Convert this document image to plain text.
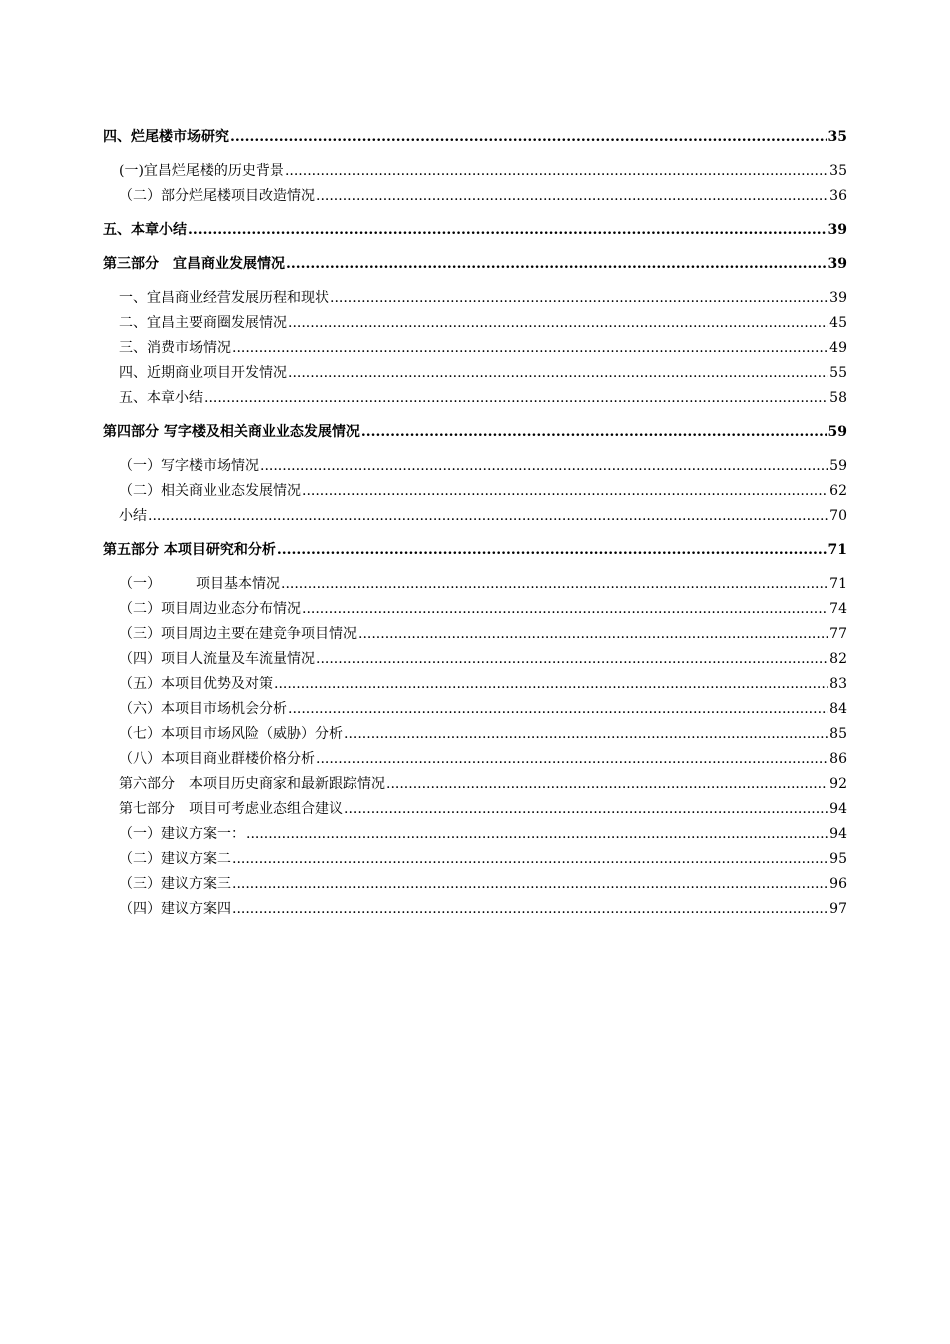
四、烂尾楼市场研究 .....	35
(一)宜昌烂尾楼的历史背景 .....	35
（二）部分烂尾楼项目改造情况 .....	36
五、本章小结 .....	39
第三部分　宜昌商业发展情况 .....	39
一、宜昌商业经营发展历程和现状 .....	39
二、宜昌主要商圈发展情况 .....	45
三、消费市场情况 .....	49
四、近期商业项目开发情况 .....	55
五、本章小结 .....	58
第四部分 写字楼及相关商业业态发展情况 .....	59
（一）写字楼市场情况 .....	59
（二）相关商业业态发展情况 .....	62
小结 .....	70
第五部分 本项目研究和分析 .....	71
（一）　　　项目基本情况 .....	71
（二）项目周边业态分布情况 .....	74
（三）项目周边主要在建竞争项目情况 .....	77
（四）项目人流量及车流量情况 .....	82
（五）本项目优势及对策 .....	83
（六）本项目市场机会分析 .....	84
（七）本项目市场风险（威胁）分析 .....	85
（八）本项目商业群楼价格分析 .....	86
第六部分　本项目历史商家和最新跟踪情况 .....	92
第七部分　项目可考虑业态组合建议 .....	94
（一）建议方案一： .....	94
（二）建议方案二 .....	95
（三）建议方案三 .....	96
（四）建议方案四 .....	97
